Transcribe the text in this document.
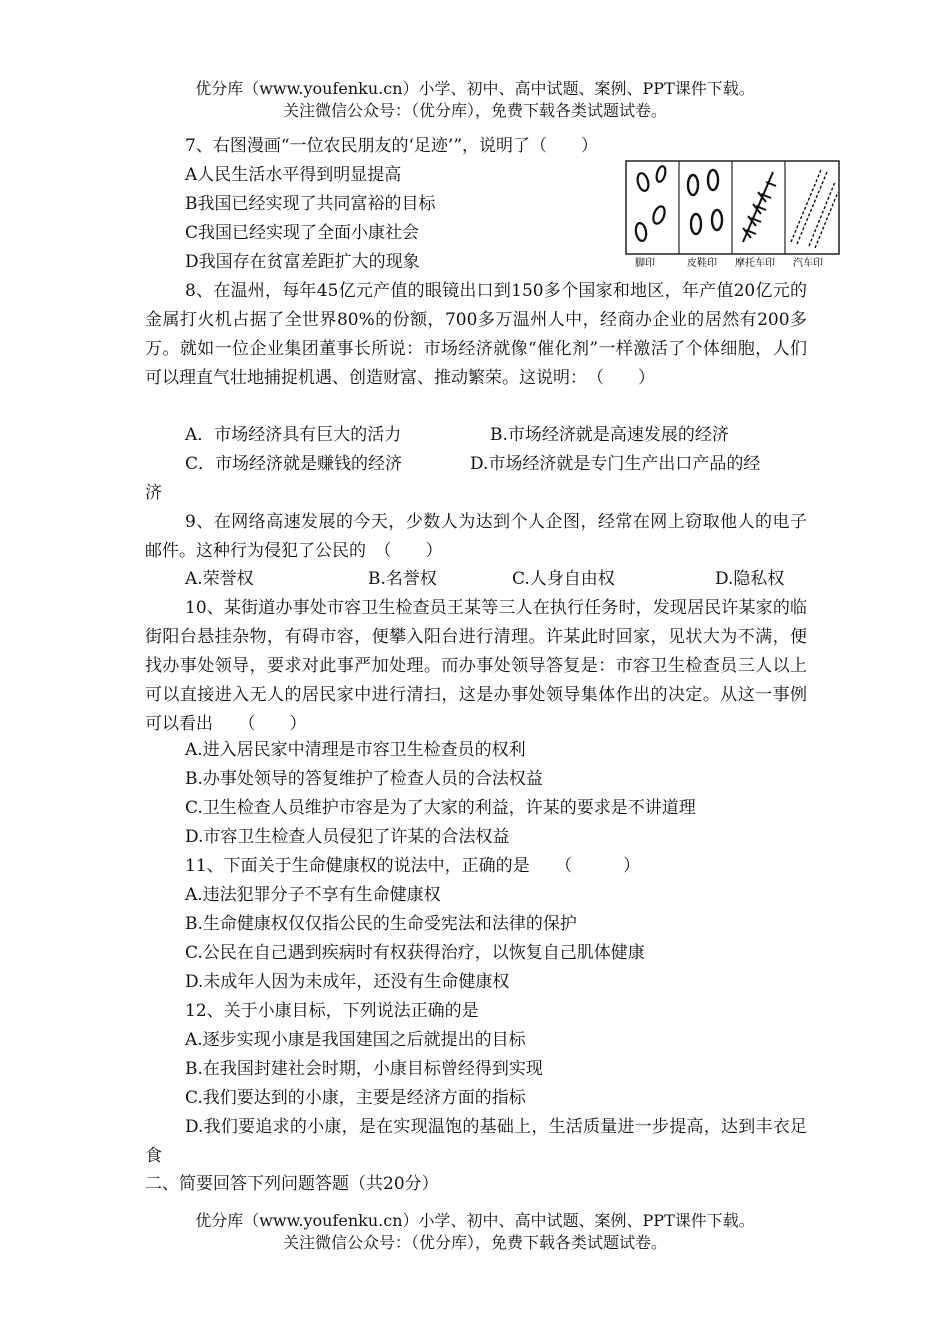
优分库（www.youfenku.cn）小学、初中、高中试题、案例、PPT课件下载。
关注微信公众号：（优分库），免费下载各类试题试卷。
7、右图漫画“一位农民朋友的‘足迹’”，说明了（　　）
A人民生活水平得到明显提高
B我国已经实现了共同富裕的目标
C我国已经实现了全面小康社会
D我国存在贫富差距扩大的现象	脚印	皮鞋印 摩托车印 汽车印
8、在温州，每年45亿元产值的眼镜出口到150多个国家和地区，年产值20亿元的金属打火机占据了全世界80%的份额，700多万温州人中，经商办企业的居然有200多万。就如一位企业集团董事长所说：市场经济就像“催化剂”一样激活了个体细胞，人们可以理直气壮地捕捉机遇、创造财富、推动繁荣。这说明：　（　　）
A．市场经济具有巨大的活力	B.市场经济就是高速发展的经济
C．市场经济就是赚钱的经济	D.市场经济就是专门生产出口产品的经
济
9、在网络高速发展的今天，少数人为达到个人企图，经常在网上窃取他人的电子邮件。这种行为侵犯了公民的　（　　）
A.荣誉权	B.名誉权	C.人身自由权	D.隐私权
10、某街道办事处市容卫生检查员王某等三人在执行任务时，发现居民许某家的临街阳台悬挂杂物，有碍市容，便攀入阳台进行清理。许某此时回家，见状大为不满，便找办事处领导，要求对此事严加处理。而办事处领导答复是：市容卫生检查员三人以上可以直接进入无人的居民家中进行清扫，这是办事处领导集体作出的决定。从这一事例可以看出　　（　　）
A.进入居民家中清理是市容卫生检查员的权利
B.办事处领导的答复维护了检查人员的合法权益
C.卫生检查人员维护市容是为了大家的利益，许某的要求是不讲道理
D.市容卫生检查人员侵犯了许某的合法权益
11、下面关于生命健康权的说法中，正确的是　　（　　　）
A.违法犯罪分子不享有生命健康权
B.生命健康权仅仅指公民的生命受宪法和法律的保护
C.公民在自己遇到疾病时有权获得治疗，以恢复自己肌体健康
D.未成年人因为未成年，还没有生命健康权
12、关于小康目标，下列说法正确的是
A.逐步实现小康是我国建国之后就提出的目标
B.在我国封建社会时期，小康目标曾经得到实现
C.我们要达到的小康，主要是经济方面的指标
D.我们要追求的小康，是在实现温饱的基础上，生活质量进一步提高，达到丰衣足食
二、简要回答下列问题答题（共20分）
优分库（www.youfenku.cn）小学、初中、高中试题、案例、PPT课件下载。
关注微信公众号：（优分库），免费下载各类试题试卷。
